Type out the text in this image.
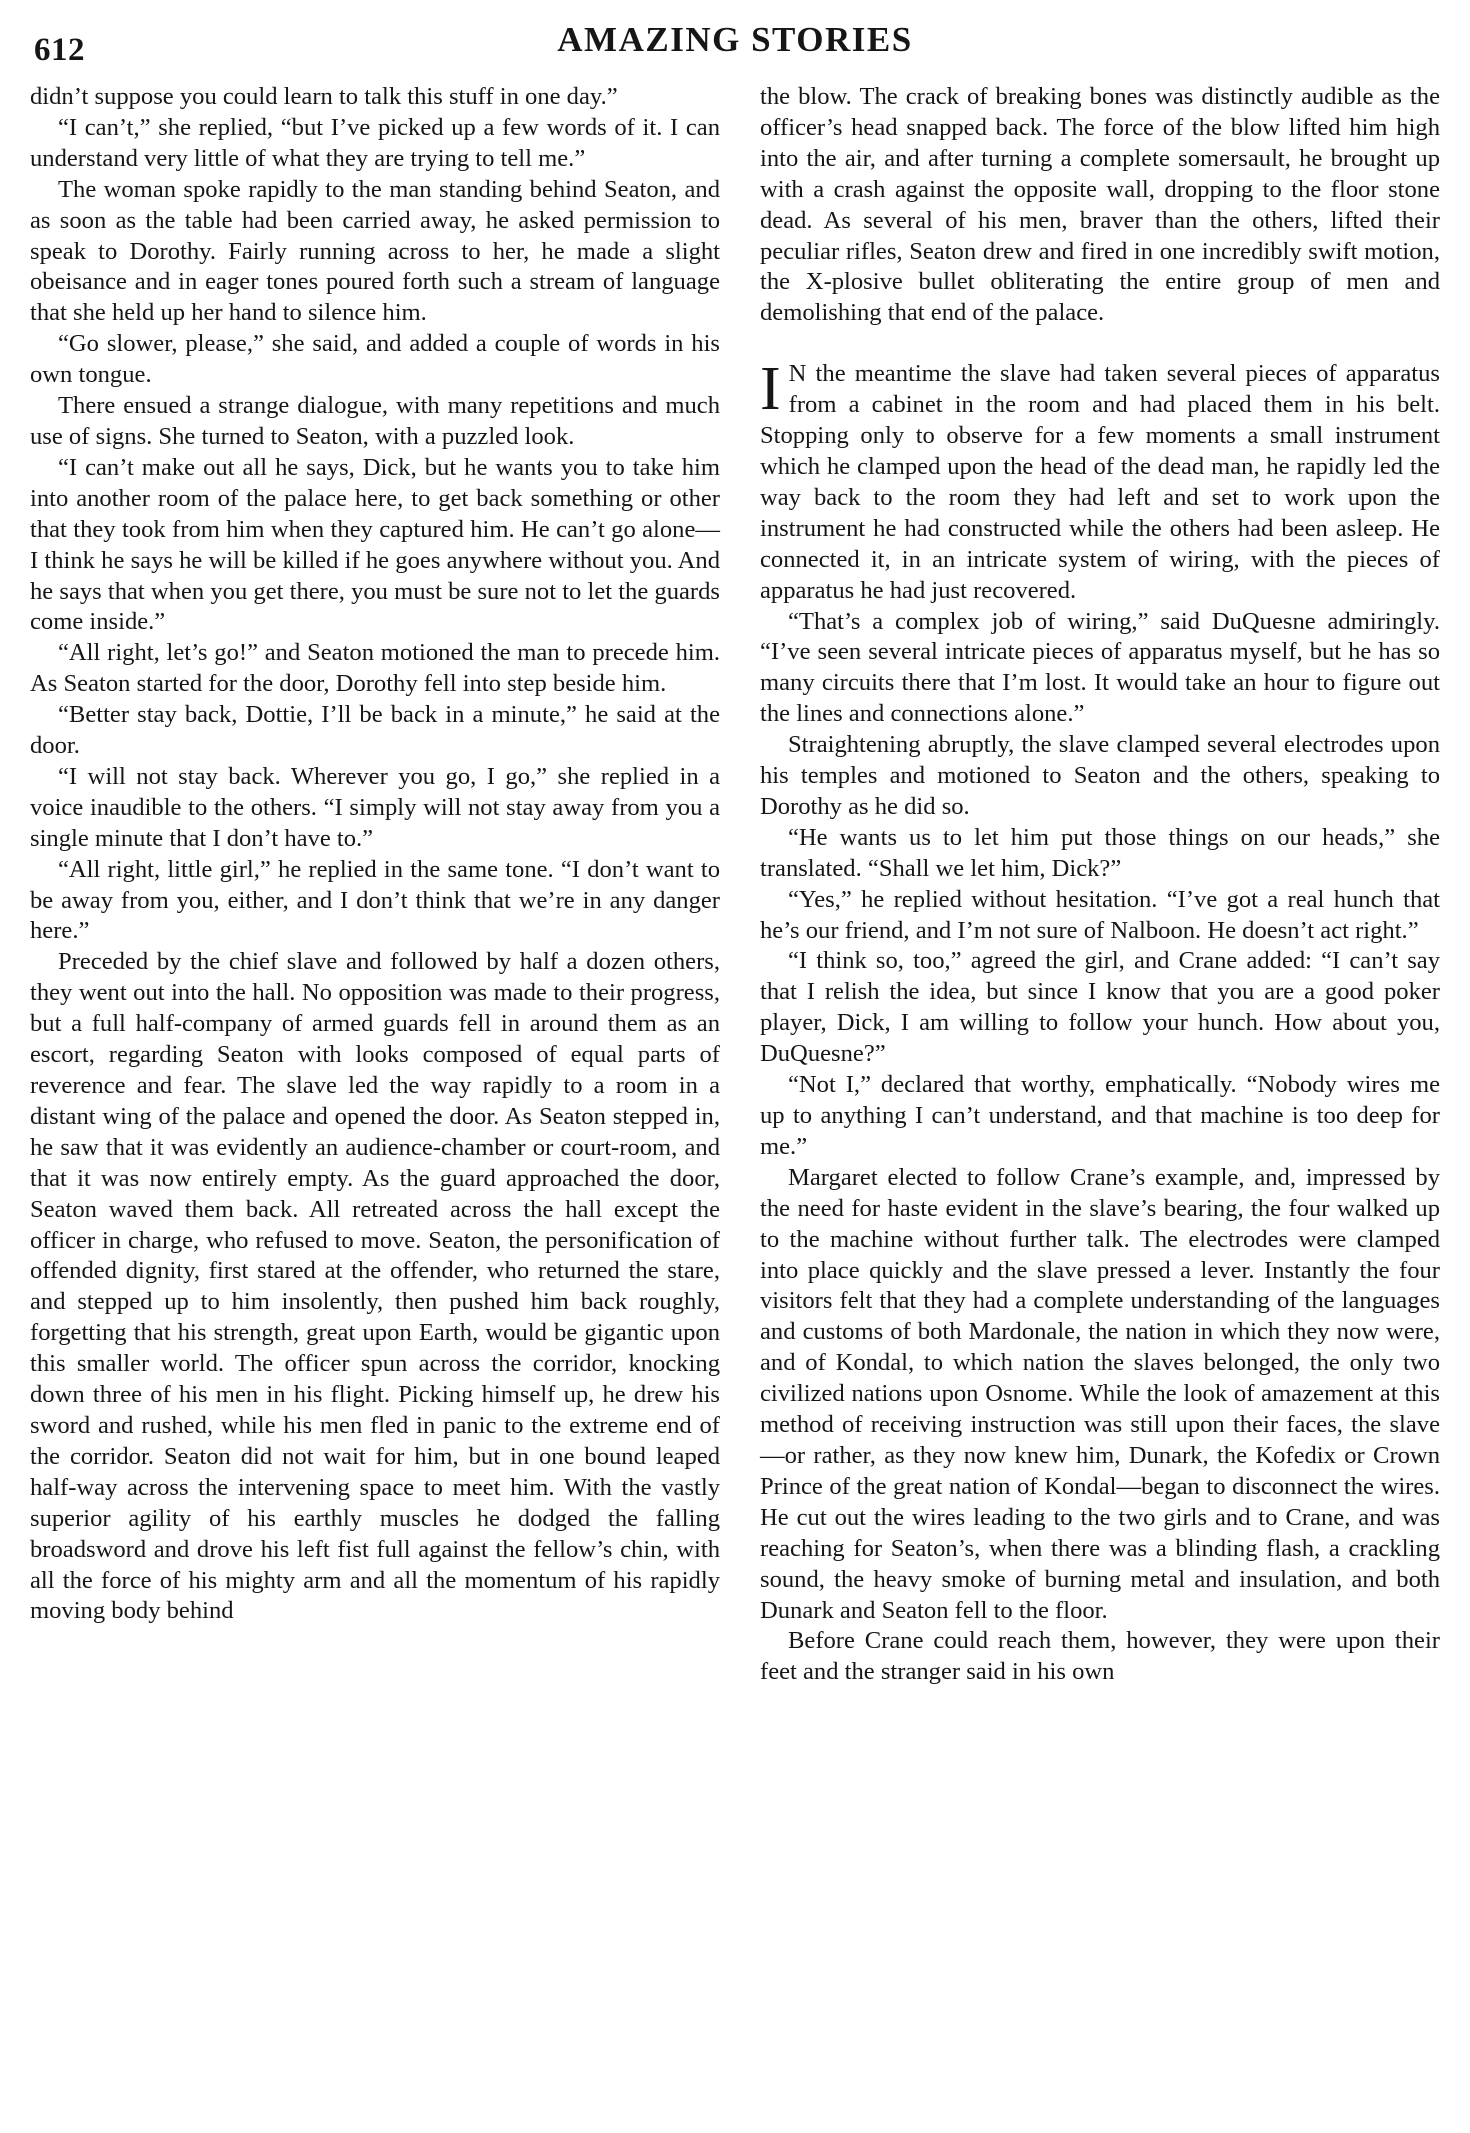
612	AMAZING STORIES

didn’t suppose you could learn to talk this stuff in one day.”

“I can’t,” she replied, “but I’ve picked up a few words of it. I can understand very little of what they are trying to tell me.”

The woman spoke rapidly to the man standing behind Seaton, and as soon as the table had been carried away, he asked permission to speak to Dorothy. Fairly running across to her, he made a slight obeisance and in eager tones poured forth such a stream of language that she held up her hand to silence him.

“Go slower, please,” she said, and added a couple of words in his own tongue.

There ensued a strange dialogue, with many repetitions and much use of signs. She turned to Seaton, with a puzzled look.

“I can’t make out all he says, Dick, but he wants you to take him into another room of the palace here, to get back something or other that they took from him when they captured him. He can’t go alone—I think he says he will be killed if he goes anywhere without you. And he says that when you get there, you must be sure not to let the guards come inside.”

“All right, let’s go!” and Seaton motioned the man to precede him. As Seaton started for the door, Dorothy fell into step beside him.

“Better stay back, Dottie, I’ll be back in a minute,” he said at the door.

“I will not stay back. Wherever you go, I go,” she replied in a voice inaudible to the others. “I simply will not stay away from you a single minute that I don’t have to.”

“All right, little girl,” he replied in the same tone. “I don’t want to be away from you, either, and I don’t think that we’re in any danger here.”

Preceded by the chief slave and followed by half a dozen others, they went out into the hall. No opposition was made to their progress, but a full half-company of armed guards fell in around them as an escort, regarding Seaton with looks composed of equal parts of reverence and fear. The slave led the way rapidly to a room in a distant wing of the palace and opened the door. As Seaton stepped in, he saw that it was evidently an audience-chamber or court-room, and that it was now entirely empty. As the guard approached the door, Seaton waved them back. All retreated across the hall except the officer in charge, who refused to move. Seaton, the personification of offended dignity, first stared at the offender, who returned the stare, and stepped up to him insolently, then pushed him back roughly, forgetting that his strength, great upon Earth, would be gigantic upon this smaller world. The officer spun across the corridor, knocking down three of his men in his flight. Picking himself up, he drew his sword and rushed, while his men fled in panic to the extreme end of the corridor. Seaton did not wait for him, but in one bound leaped half-way across the intervening space to meet him. With the vastly superior agility of his earthly muscles he dodged the falling broadsword and drove his left fist full against the fellow’s chin, with all the force of his mighty arm and all the momentum of his rapidly moving body behind

the blow. The crack of breaking bones was distinctly audible as the officer’s head snapped back. The force of the blow lifted him high into the air, and after turning a complete somersault, he brought up with a crash against the opposite wall, dropping to the floor stone dead. As several of his men, braver than the others, lifted their peculiar rifles, Seaton drew and fired in one incredibly swift motion, the X-plosive bullet obliterating the entire group of men and demolishing that end of the palace.

I N the meantime the slave had taken several pieces of apparatus from a cabinet in the room and had placed them in his belt. Stopping only to observe for a few moments a small instrument which he clamped upon the head of the dead man, he rapidly led the way back to the room they had left and set to work upon the instrument he had constructed while the others had been asleep. He connected it, in an intricate system of wiring, with the pieces of apparatus he had just recovered.

“That’s a complex job of wiring,” said DuQuesne admiringly. “I’ve seen several intricate pieces of apparatus myself, but he has so many circuits there that I’m lost. It would take an hour to figure out the lines and connections alone.”

Straightening abruptly, the slave clamped several electrodes upon his temples and motioned to Seaton and the others, speaking to Dorothy as he did so.

“He wants us to let him put those things on our heads,” she translated. “Shall we let him, Dick?”

“Yes,” he replied without hesitation. “I’ve got a real hunch that he’s our friend, and I’m not sure of Nalboon. He doesn’t act right.”

“I think so, too,” agreed the girl, and Crane added: “I can’t say that I relish the idea, but since I know that you are a good poker player, Dick, I am willing to follow your hunch. How about you, DuQuesne?”

“Not I,” declared that worthy, emphatically. “Nobody wires me up to anything I can’t understand, and that machine is too deep for me.”

Margaret elected to follow Crane’s example, and, impressed by the need for haste evident in the slave’s bearing, the four walked up to the machine without further talk. The electrodes were clamped into place quickly and the slave pressed a lever. Instantly the four visitors felt that they had a complete understanding of the languages and customs of both Mardonale, the nation in which they now were, and of Kondal, to which nation the slaves belonged, the only two civilized nations upon Osnome. While the look of amazement at this method of receiving instruction was still upon their faces, the slave—or rather, as they now knew him, Dunark, the Kofedix or Crown Prince of the great nation of Kondal—began to disconnect the wires. He cut out the wires leading to the two girls and to Crane, and was reaching for Seaton’s, when there was a blinding flash, a crackling sound, the heavy smoke of burning metal and insulation, and both Dunark and Seaton fell to the floor.

Before Crane could reach them, however, they were upon their feet and the stranger said in his own
